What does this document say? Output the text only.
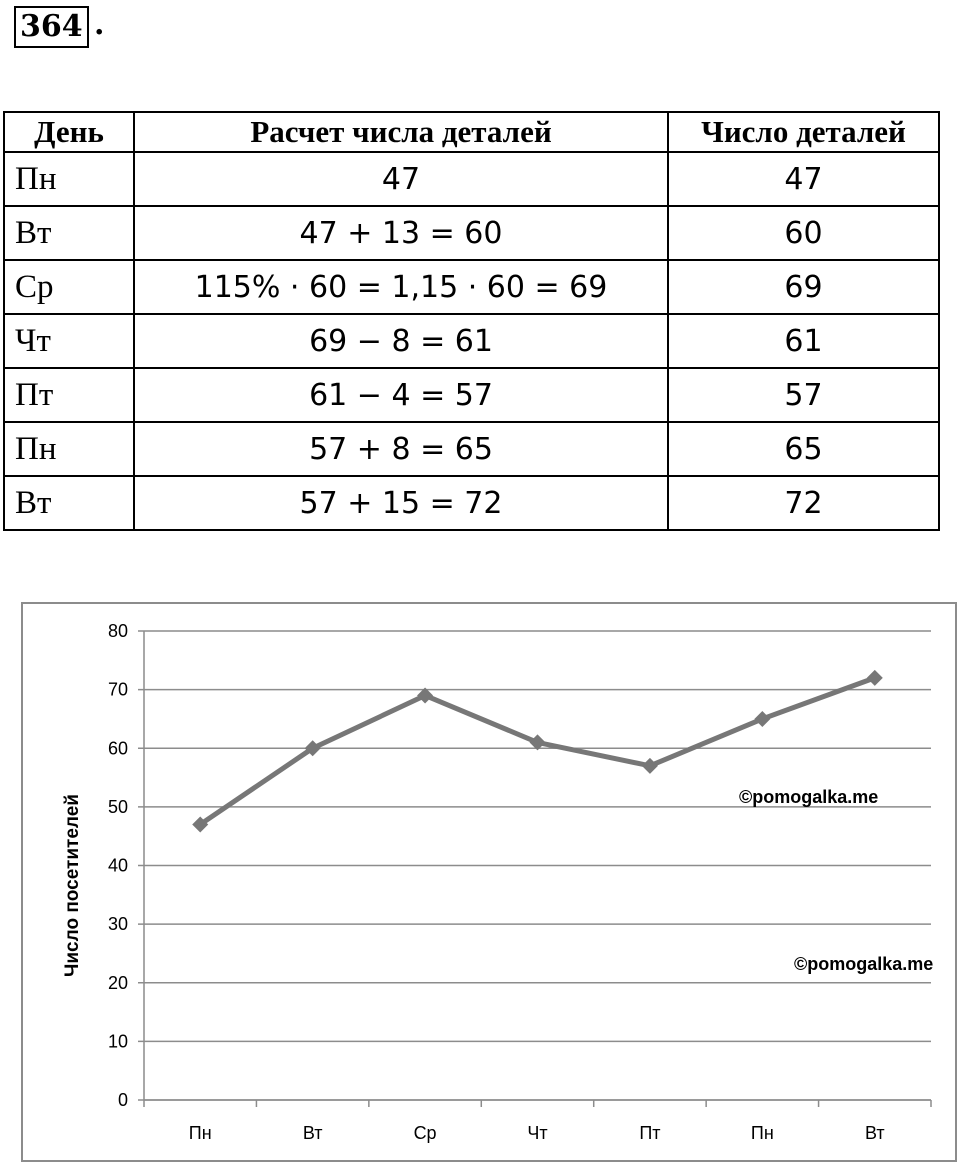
364 .
День	Расчет числа деталей	Число деталей
Пн	47	47
Вт	47 + 13 = 60	60
Ср	115% · 60 = 1,15 · 60 = 69	69
Чт	69 − 8 = 61	61
Пт	61 − 4 = 57	57
Пн	57 + 8 = 65	65
Вт	57 + 15 = 72	72
0
10
20
30
40
50
60
70
80
Пн	Вт	Ср	Чт	Пт	Пн	Вт
Число посетителей	©pomogalka.me
©pomogalka.me
